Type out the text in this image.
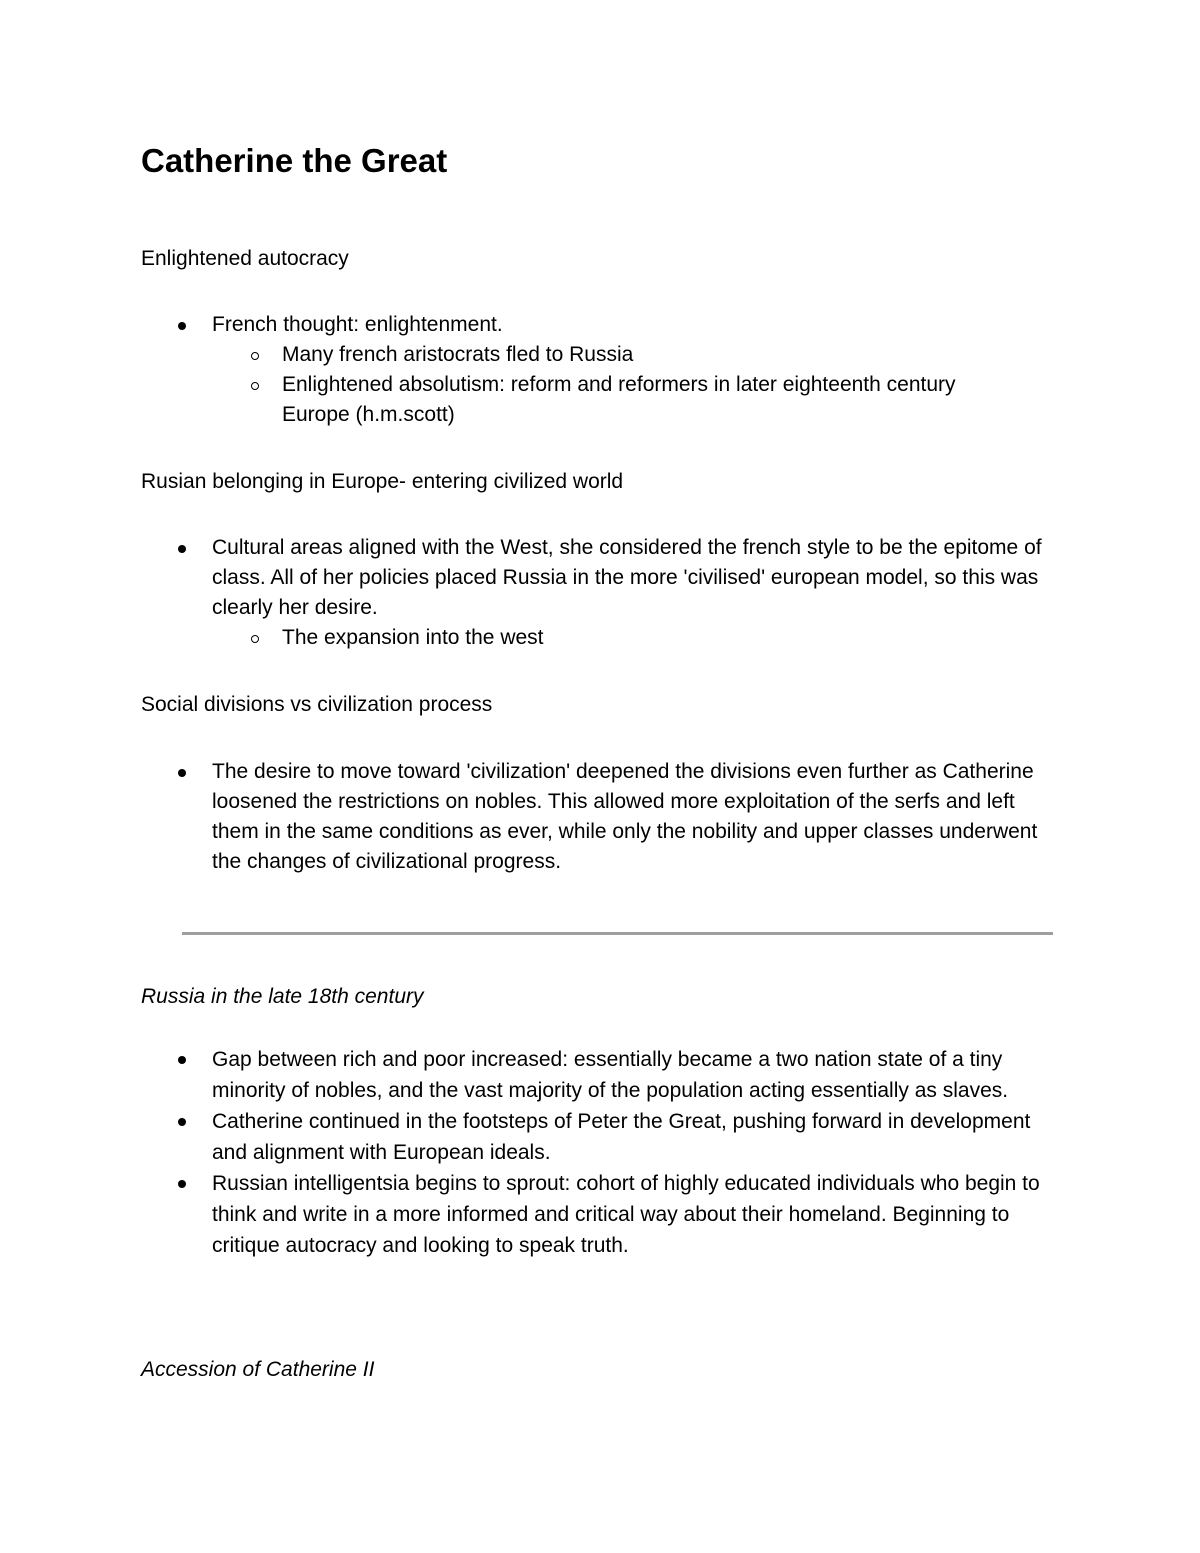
Catherine the Great

Enlightened autocracy

French thought: enlightenment.
Many french aristocrats fled to Russia
Enlightened absolutism: reform and reformers in later eighteenth century Europe (h.m.scott)

Rusian belonging in Europe- entering civilized world

Cultural areas aligned with the West, she considered the french style to be the epitome of class. All of her policies placed Russia in the more 'civilised' european model, so this was clearly her desire.
The expansion into the west

Social divisions vs civilization process

The desire to move toward 'civilization' deepened the divisions even further as Catherine loosened the restrictions on nobles. This allowed more exploitation of the serfs and left them in the same conditions as ever, while only the nobility and upper classes underwent the changes of civilizational progress.

Russia in the late 18th century

Gap between rich and poor increased: essentially became a two nation state of a tiny minority of nobles, and the vast majority of the population acting essentially as slaves.
Catherine continued in the footsteps of Peter the Great, pushing forward in development and alignment with European ideals.
Russian intelligentsia begins to sprout: cohort of highly educated individuals who begin to think and write in a more informed and critical way about their homeland. Beginning to critique autocracy and looking to speak truth.

Accession of Catherine II
